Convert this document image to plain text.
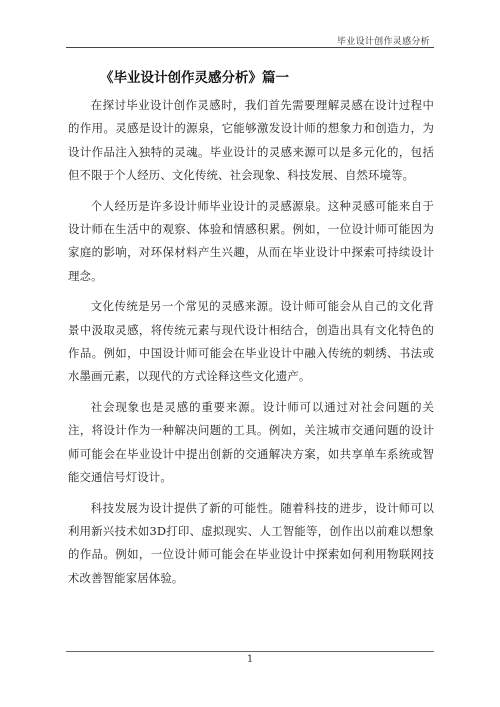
毕业设计创作灵感分析
《毕业设计创作灵感分析》篇一

在探讨毕业设计创作灵感时，我们首先需要理解灵感在设计过程中的作用。灵感是设计的源泉，它能够激发设计师的想象力和创造力，为设计作品注入独特的灵魂。毕业设计的灵感来源可以是多元化的，包括但不限于个人经历、文化传统、社会现象、科技发展、自然环境等。

个人经历是许多设计师毕业设计的灵感源泉。这种灵感可能来自于设计师在生活中的观察、体验和情感积累。例如，一位设计师可能因为家庭的影响，对环保材料产生兴趣，从而在毕业设计中探索可持续设计理念。

文化传统是另一个常见的灵感来源。设计师可能会从自己的文化背景中汲取灵感，将传统元素与现代设计相结合，创造出具有文化特色的作品。例如，中国设计师可能会在毕业设计中融入传统的刺绣、书法或水墨画元素，以现代的方式诠释这些文化遗产。

社会现象也是灵感的重要来源。设计师可以通过对社会问题的关注，将设计作为一种解决问题的工具。例如，关注城市交通问题的设计师可能会在毕业设计中提出创新的交通解决方案，如共享单车系统或智能交通信号灯设计。

科技发展为设计提供了新的可能性。随着科技的进步，设计师可以利用新兴技术如3D打印、虚拟现实、人工智能等，创作出以前难以想象的作品。例如，一位设计师可能会在毕业设计中探索如何利用物联网技术改善智能家居体验。

1
